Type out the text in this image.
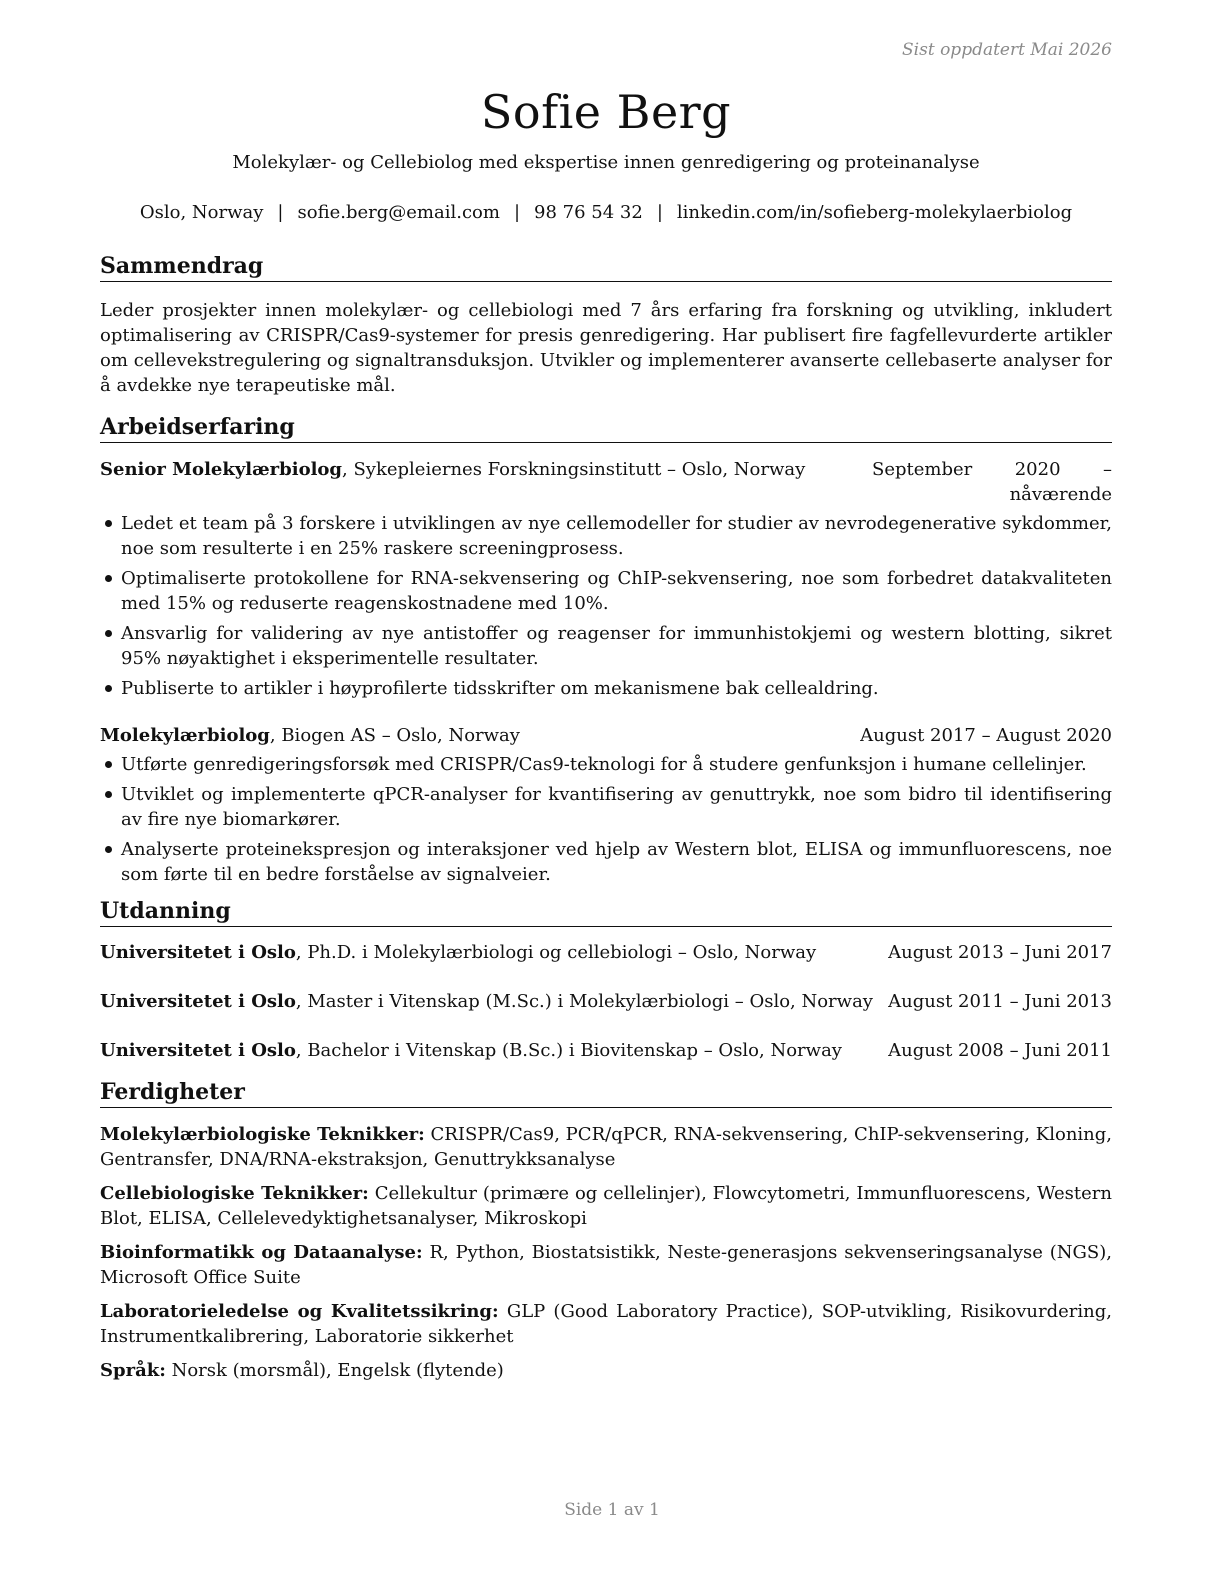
Sist oppdatert Mai 2026
Sofie Berg
Molekylær- og Cellebiolog med ekspertise innen genredigering og proteinanalyse
Oslo, Norway | sofie.berg@email.com | 98 76 54 32 | linkedin.com/in/sofieberg-molekylaerbiolog
Sammendrag

Leder prosjekter innen molekylær- og cellebiologi med 7 års erfaring fra forskning og utvikling, inkludert optimalisering av CRISPR/Cas9-systemer for presis genredigering. Har publisert fire fagfellevurderte artikler om cellevekstregulering og signaltransduksjon. Utvikler og implementerer avanserte cellebaserte analyser for å avdekke nye terapeutiske mål.

Arbeidserfaring
Senior Molekylærbiolog, Sykepleiernes Forskningsinstitutt – Oslo, Norway	September 2020 – nåværende
Ledet et team på 3 forskere i utviklingen av nye cellemodeller for studier av nevrodegenerative sykdommer, noe som resulterte i en 25% raskere screeningprosess.
Optimaliserte protokollene for RNA-sekvensering og ChIP-sekvensering, noe som forbedret datakvaliteten med 15% og reduserte reagenskostnadene med 10%.
Ansvarlig for validering av nye antistoffer og reagenser for immunhistokjemi og western blotting, sikret 95% nøyaktighet i eksperimentelle resultater.
Publiserte to artikler i høyprofilerte tidsskrifter om mekanismene bak cellealdring.
Molekylærbiolog, Biogen AS – Oslo, Norway	August 2017 – August 2020
Utførte genredigeringsforsøk med CRISPR/Cas9-teknologi for å studere genfunksjon i humane cellelinjer.
Utviklet og implementerte qPCR-analyser for kvantifisering av genuttrykk, noe som bidro til identifisering av fire nye biomarkører.
Analyserte proteinekspresjon og interaksjoner ved hjelp av Western blot, ELISA og immunfluorescens, noe som førte til en bedre forståelse av signalveier.
Utdanning
Universitetet i Oslo, Ph.D. i Molekylærbiologi og cellebiologi – Oslo, Norway	August 2013 – Juni 2017
Universitetet i Oslo, Master i Vitenskap (M.Sc.) i Molekylærbiologi – Oslo, Norway August 2011 – Juni 2013
Universitetet i Oslo, Bachelor i Vitenskap (B.Sc.) i Biovitenskap – Oslo, Norway	August 2008 – Juni 2011
Ferdigheter

Molekylærbiologiske Teknikker: CRISPR/Cas9, PCR/qPCR, RNA-sekvensering, ChIP-sekvensering, Kloning, Gentransfer, DNA/RNA-ekstraksjon, Genuttrykksanalyse

Cellebiologiske Teknikker: Cellekultur (primære og cellelinjer), Flowcytometri, Immunfluorescens, Western Blot, ELISA, Cellelevedyktighetsanalyser, Mikroskopi

Bioinformatikk og Dataanalyse: R, Python, Biostatsistikk, Neste-generasjons sekvenseringsanalyse (NGS), Microsoft Office Suite

Laboratorieledelse og Kvalitetssikring: GLP (Good Laboratory Practice), SOP-utvikling, Risikovurdering, Instrumentkalibrering, Laboratorie sikkerhet

Språk: Norsk (morsmål), Engelsk (flytende)

Side 1 av 1
